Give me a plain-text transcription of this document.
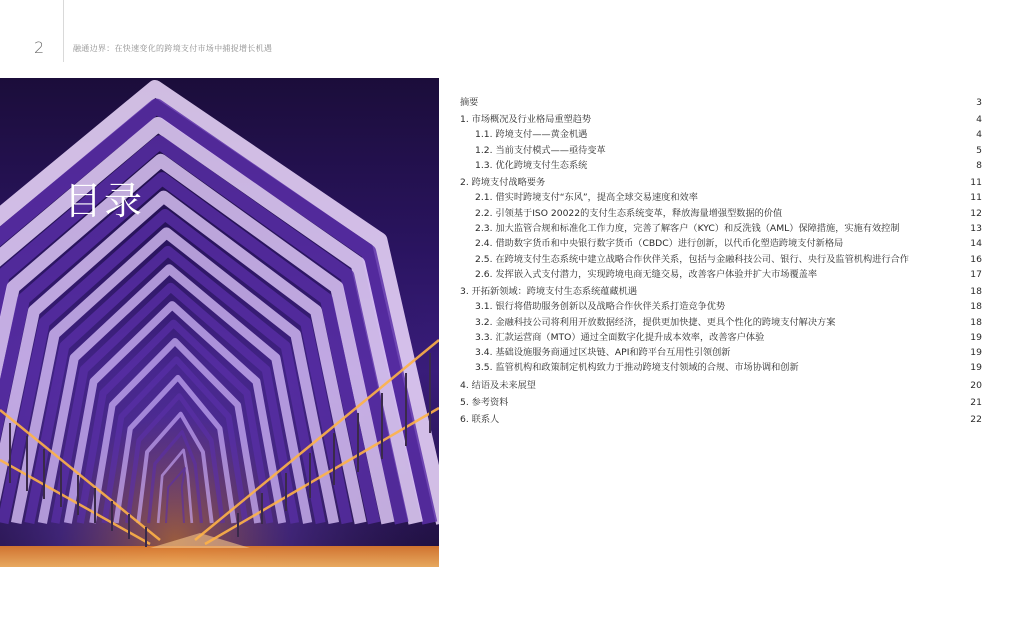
2	融通边界：在快速变化的跨境支付市场中捕捉增长机遇
目录
摘要	3
1. 市场概况及行业格局重塑趋势	4
1.1. 跨境支付——黄金机遇	4
1.2. 当前支付模式——亟待变革	5
1.3. 优化跨境支付生态系统	8
2. 跨境支付战略要务	11
2.1. 借实时跨境支付“东风”，提高全球交易速度和效率	11
2.2. 引领基于ISO 20022的支付生态系统变革，释放海量增强型数据的价值	12
2.3. 加大监管合规和标准化工作力度，完善了解客户（KYC）和反洗钱（AML）保障措施，实施有效控制	13
2.4. 借助数字货币和中央银行数字货币（CBDC）进行创新，以代币化塑造跨境支付新格局	14
2.5. 在跨境支付生态系统中建立战略合作伙伴关系，包括与金融科技公司、银行、央行及监管机构进行合作	16
2.6. 发挥嵌入式支付潜力，实现跨境电商无缝交易，改善客户体验并扩大市场覆盖率	17
3. 开拓新领域：跨境支付生态系统蕴藏机遇	18
3.1. 银行将借助服务创新以及战略合作伙伴关系打造竞争优势	18
3.2. 金融科技公司将利用开放数据经济，提供更加快捷、更具个性化的跨境支付解决方案	18
3.3. 汇款运营商（MTO）通过全面数字化提升成本效率，改善客户体验	19
3.4. 基础设施服务商通过区块链、API和跨平台互用性引领创新	19
3.5. 监管机构和政策制定机构致力于推动跨境支付领域的合规、市场协调和创新	19
4. 结语及未来展望	20
5. 参考资料	21
6. 联系人	22
